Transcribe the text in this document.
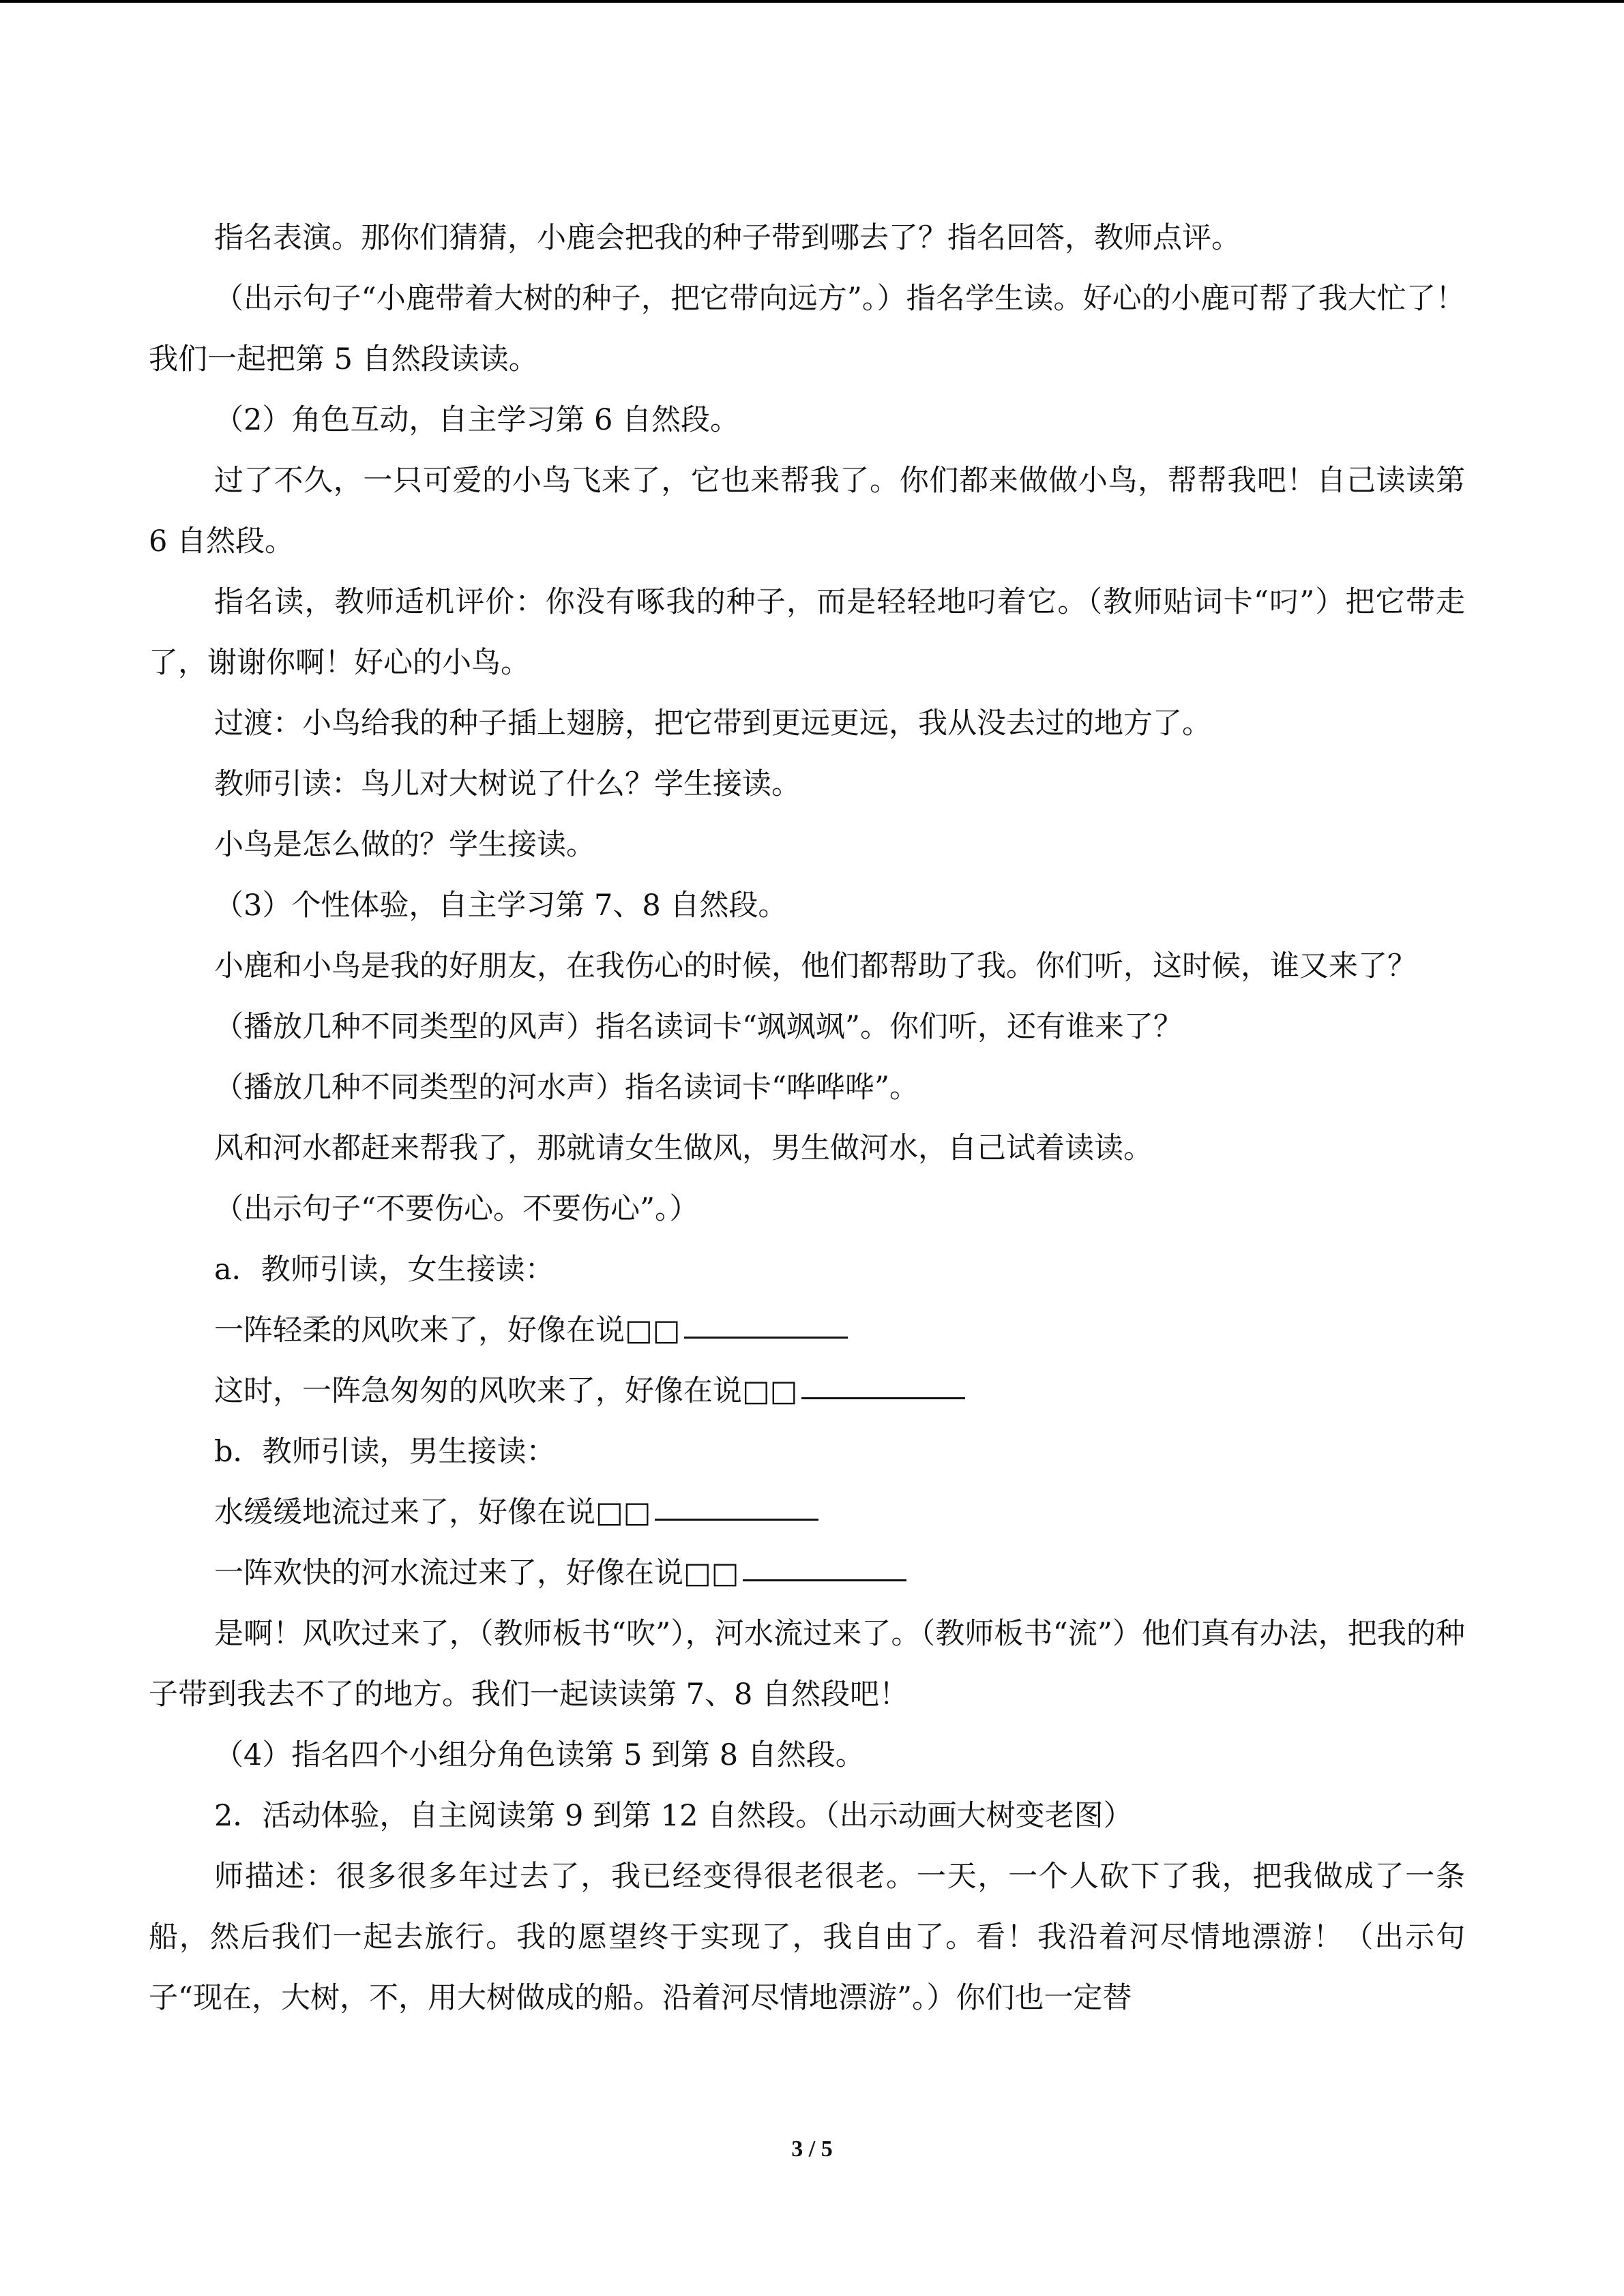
指名表演。那你们猜猜，小鹿会把我的种子带到哪去了？指名回答，教师点评。

（出示句子“小鹿带着大树的种子，把它带向远方”。）指名学生读。好心的小鹿可帮了我大忙了！我们一起把第 5 自然段读读。

（2）角色互动，自主学习第 6 自然段。

过了不久，一只可爱的小鸟飞来了，它也来帮我了。你们都来做做小鸟，帮帮我吧！自己读读第 6 自然段。

指名读，教师适机评价：你没有啄我的种子，而是轻轻地叼着它。（教师贴词卡“叼”）把它带走了，谢谢你啊！好心的小鸟。

过渡：小鸟给我的种子插上翅膀，把它带到更远更远，我从没去过的地方了。

教师引读：鸟儿对大树说了什么？学生接读。

小鸟是怎么做的？学生接读。

（3）个性体验，自主学习第 7、8 自然段。

小鹿和小鸟是我的好朋友，在我伤心的时候，他们都帮助了我。你们听，这时候，谁又来了？

（播放几种不同类型的风声）指名读词卡“飒飒飒”。你们听，还有谁来了？

（播放几种不同类型的河水声）指名读词卡“哗哗哗”。

风和河水都赶来帮我了，那就请女生做风，男生做河水，自己试着读读。

（出示句子“不要伤心。不要伤心”。）

a．教师引读，女生接读：

一阵轻柔的风吹来了，好像在说□□

这时，一阵急匆匆的风吹来了，好像在说□□

b．教师引读，男生接读：

水缓缓地流过来了，好像在说□□

一阵欢快的河水流过来了，好像在说□□

是啊！风吹过来了，（教师板书“吹”），河水流过来了。（教师板书“流”）他们真有办法，把我的种子带到我去不了的地方。我们一起读读第 7、8 自然段吧！

（4）指名四个小组分角色读第 5 到第 8 自然段。

2．活动体验，自主阅读第 9 到第 12 自然段。（出示动画大树变老图）

师描述：很多很多年过去了，我已经变得很老很老。一天，一个人砍下了我，把我做成了一条船，然后我们一起去旅行。我的愿望终于实现了，我自由了。看！我沿着河尽情地漂游！（出示句子“现在，大树，不，用大树做成的船。沿着河尽情地漂游”。）你们也一定替

3 / 5
